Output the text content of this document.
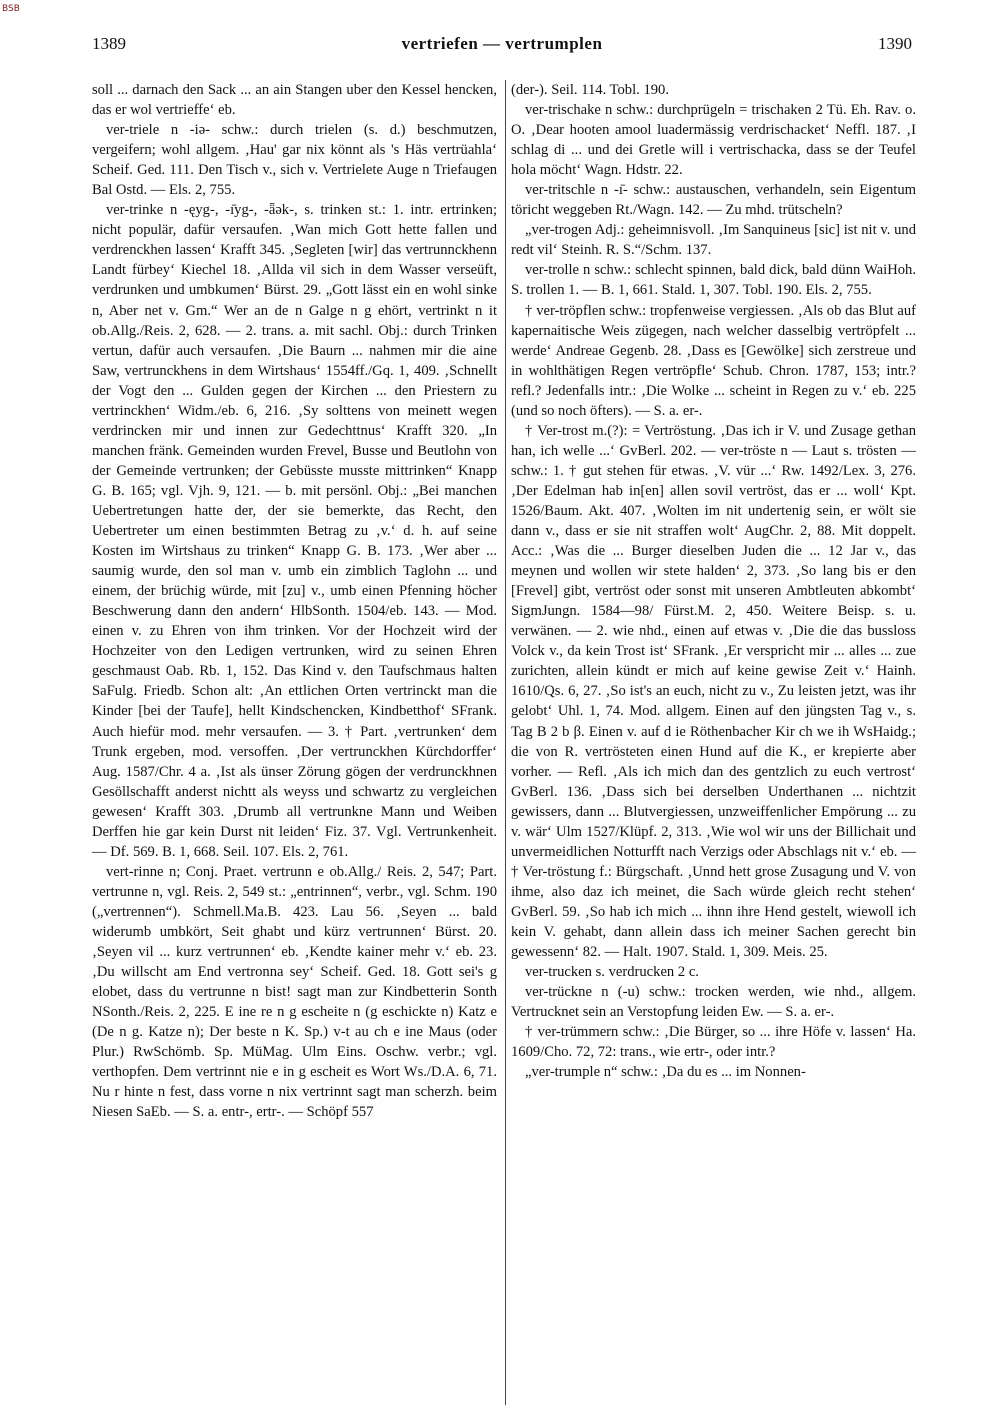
BSB
1389	vertriefen — vertrumplen	1390

soll ... darnach den Sack ... an ain Stangen uber den Kessel hencken, das er wol vertrieffe‘ eb.

ver-triele n -iə- schw.: durch trielen (s. d.) beschmutzen, vergeifern; wohl allgem. ‚Hau' gar nix könnt als 's Häs vertrüahla‘ Scheif. Ged. 111. Den Tisch v., sich v. Vertrielete Auge n Triefaugen Bal Ostd. — Els. 2, 755.

ver-trinke n -ęyg-, -ı̄yg-, -ǟək-, s. trinken st.: 1. intr. ertrinken; nicht populär, dafür versaufen. ‚Wan mich Gott hette fallen und verdrenckhen lassen‘ Krafft 345. ‚Segleten [wir] das vertrunnckhenn Landt fürbey‘ Kiechel 18. ‚Allda vil sich in dem Wasser verseüft, verdrunken und umbkumen‘ Bürst. 29. „Gott lässt ein en wohl sinke n, Aber net v. Gm.“ Wer an de n Galge n g ehört, vertrinkt n it ob.Allg./Reis. 2, 628. — 2. trans. a. mit sachl. Obj.: durch Trinken vertun, dafür auch versaufen. ‚Die Baurn ... nahmen mir die aine Saw, vertrunckhens in dem Wirtshaus‘ 1554ff./Gq. 1, 409. ‚Schnellt der Vogt den ... Gulden gegen der Kirchen ... den Priestern zu vertrinckhen‘ Widm./eb. 6, 216. ‚Sy solttens von meinett wegen verdrincken mir und innen zur Gedechttnus‘ Krafft 320. „In manchen fränk. Gemeinden wurden Frevel, Busse und Beutlohn von der Gemeinde vertrunken; der Gebüsste musste mittrinken“ Knapp G. B. 165; vgl. Vjh. 9, 121. — b. mit persönl. Obj.: „Bei manchen Uebertretungen hatte der, der sie bemerkte, das Recht, den Uebertreter um einen bestimmten Betrag zu ‚v.‘ d. h. auf seine Kosten im Wirtshaus zu trinken“ Knapp G. B. 173. ‚Wer aber ... saumig wurde, den sol man v. umb ein zimblich Taglohn ... und einem, der brüchig würde, mit [zu] v., umb einen Pfenning höcher Beschwerung dann den andern‘ HlbSonth. 1504/eb. 143. — Mod. einen v. zu Ehren von ihm trinken. Vor der Hochzeit wird der Hochzeiter von den Ledigen vertrunken, wird zu seinen Ehren geschmaust Oab. Rb. 1, 152. Das Kind v. den Taufschmaus halten SaFulg. Friedb. Schon alt: ‚An ettlichen Orten vertrinckt man die Kinder [bei der Taufe], hellt Kindschencken, Kindbetthof‘ SFrank. Auch hiefür mod. mehr versaufen. — 3. † Part. ‚vertrunken‘ dem Trunk ergeben, mod. versoffen. ‚Der vertrunckhen Kürchdorffer‘ Aug. 1587/Chr. 4 a. ‚Ist als ünser Zörung gögen der verdrunckhnen Gesöllschafft anderst nichtt als weyss und schwartz zu vergleichen gewesen‘ Krafft 303. ‚Drumb all vertrunkne Mann und Weiben Derffen hie gar kein Durst nit leiden‘ Fiz. 37. Vgl. Vertrunkenheit. — Df. 569. B. 1, 668. Seil. 107. Els. 2, 761.

vert-rinne n; Conj. Praet. vertrunn e ob.Allg./ Reis. 2, 547; Part. vertrunne n, vgl. Reis. 2, 549 st.: „entrinnen“, verbr., vgl. Schm. 190 („vertrennen“). Schmell.Ma.B. 423. Lau 56. ‚Seyen ... bald widerumb umbkört, Seit ghabt und kürz vertrunnen‘ Bürst. 20. ‚Seyen vil ... kurz vertrunnen‘ eb. ‚Kendte kainer mehr v.‘ eb. 23. ‚Du willscht am End vertronna sey‘ Scheif. Ged. 18. Gott sei's g elobet, dass du vertrunne n bist! sagt man zur Kindbetterin Sonth NSonth./Reis. 2, 225. E ine re n g escheite n (g eschickte n) Katz e (De n g. Katze n); Der beste n K. Sp.) v-t au ch e ine Maus (oder Plur.) RwSchömb. Sp. MüMag. Ulm Eins. Oschw. verbr.; vgl. verthopfen. Dem vertrinnt nie e in g escheit es Wort Ws./D.A. 6, 71. Nu r hinte n fest, dass vorne n nix vertrinnt sagt man scherzh. beim Niesen SaEb. — S. a. entr-, ertr-. — Schöpf 557

(der-). Seil. 114. Tobl. 190.

ver-trischake n schw.: durchprügeln = trischaken 2 Tü. Eh. Rav. o. O. ‚Dear hooten amool luadermässig verdrischacket‘ Neffl. 187. ‚I schlag di ... und dei Gretle will i vertrischacka, dass se der Teufel hola möcht‘ Wagn. Hdstr. 22.

ver-tritschle n -ı̄- schw.: austauschen, verhandeln, sein Eigentum töricht weggeben Rt./Wagn. 142. — Zu mhd. trütscheln?

„ver-trogen Adj.: geheimnisvoll. ‚Im Sanquineus [sic] ist nit v. und redt vil‘ Steinh. R. S.“/Schm. 137.

ver-trolle n schw.: schlecht spinnen, bald dick, bald dünn WaiHoh. S. trollen 1. — B. 1, 661. Stald. 1, 307. Tobl. 190. Els. 2, 755.

† ver-tröpflen schw.: tropfenweise vergiessen. ‚Als ob das Blut auf kapernaitische Weis zügegen, nach welcher dasselbig vertröpfelt ... werde‘ Andreae Gegenb. 28. ‚Dass es [Gewölke] sich zerstreue und in wohlthätigen Regen vertröpfle‘ Schub. Chron. 1787, 153; intr.? refl.? Jedenfalls intr.: ‚Die Wolke ... scheint in Regen zu v.‘ eb. 225 (und so noch öfters). — S. a. er-.

† Ver-trost m.(?): = Vertröstung. ‚Das ich ir V. und Zusage gethan han, ich welle ...‘ GvBerl. 202. — ver-tröste n — Laut s. trösten — schw.: 1. † gut stehen für etwas. ‚V. vür ...‘ Rw. 1492/Lex. 3, 276. ‚Der Edelman hab in[en] allen sovil vertröst, das er ... woll‘ Kpt. 1526/Baum. Akt. 407. ‚Wolten im nit undertenig sein, er wölt sie dann v., dass er sie nit straffen wolt‘ AugChr. 2, 88. Mit doppelt. Acc.: ‚Was die ... Burger dieselben Juden die ... 12 Jar v., das meynen und wollen wir stete halden‘ 2, 373. ‚So lang bis er den [Frevel] gibt, vertröst oder sonst mit unseren Ambtleuten abkombt‘ SigmJungn. 1584—98/ Fürst.M. 2, 450. Weitere Beisp. s. u. verwänen. — 2. wie nhd., einen auf etwas v. ‚Die die das bussloss Volck v., da kein Trost ist‘ SFrank. ‚Er verspricht mir ... alles ... zue zurichten, allein kündt er mich auf keine gewise Zeit v.‘ Hainh. 1610/Qs. 6, 27. ‚So ist's an euch, nicht zu v., Zu leisten jetzt, was ihr gelobt‘ Uhl. 1, 74. Mod. allgem. Einen auf den jüngsten Tag v., s. Tag B 2 b β. Einen v. auf d ie Röthenbacher Kir ch we ih WsHaidg.; die von R. vertrösteten einen Hund auf die K., er krepierte aber vorher. — Refl. ‚Als ich mich dan des gentzlich zu euch vertrost‘ GvBerl. 136. ‚Dass sich bei derselben Underthanen ... nichtzit gewissers, dann ... Blutvergiessen, unzweiffenlicher Empörung ... zu v. wär‘ Ulm 1527/Klüpf. 2, 313. ‚Wie wol wir uns der Billichait und unvermeidlichen Notturfft nach Verzigs oder Abschlags nit v.‘ eb. — † Ver-tröstung f.: Bürgschaft. ‚Unnd hett grose Zusagung und V. von ihme, also daz ich meinet, die Sach würde gleich recht stehen‘ GvBerl. 59. ‚So hab ich mich ... ihnn ihre Hend gestelt, wiewoll ich kein V. gehabt, dann allein dass ich meiner Sachen gerecht bin gewessenn‘ 82. — Halt. 1907. Stald. 1, 309. Meis. 25.

ver-trucken s. verdrucken 2 c.

ver-trückne n (-u) schw.: trocken werden, wie nhd., allgem. Vertrucknet sein an Verstopfung leiden Ew. — S. a. er-.

† ver-trümmern schw.: ‚Die Bürger, so ... ihre Höfe v. lassen‘ Ha. 1609/Cho. 72, 72: trans., wie ertr-, oder intr.?

„ver-trumple n“ schw.: ‚Da du es ... im Nonnen-
